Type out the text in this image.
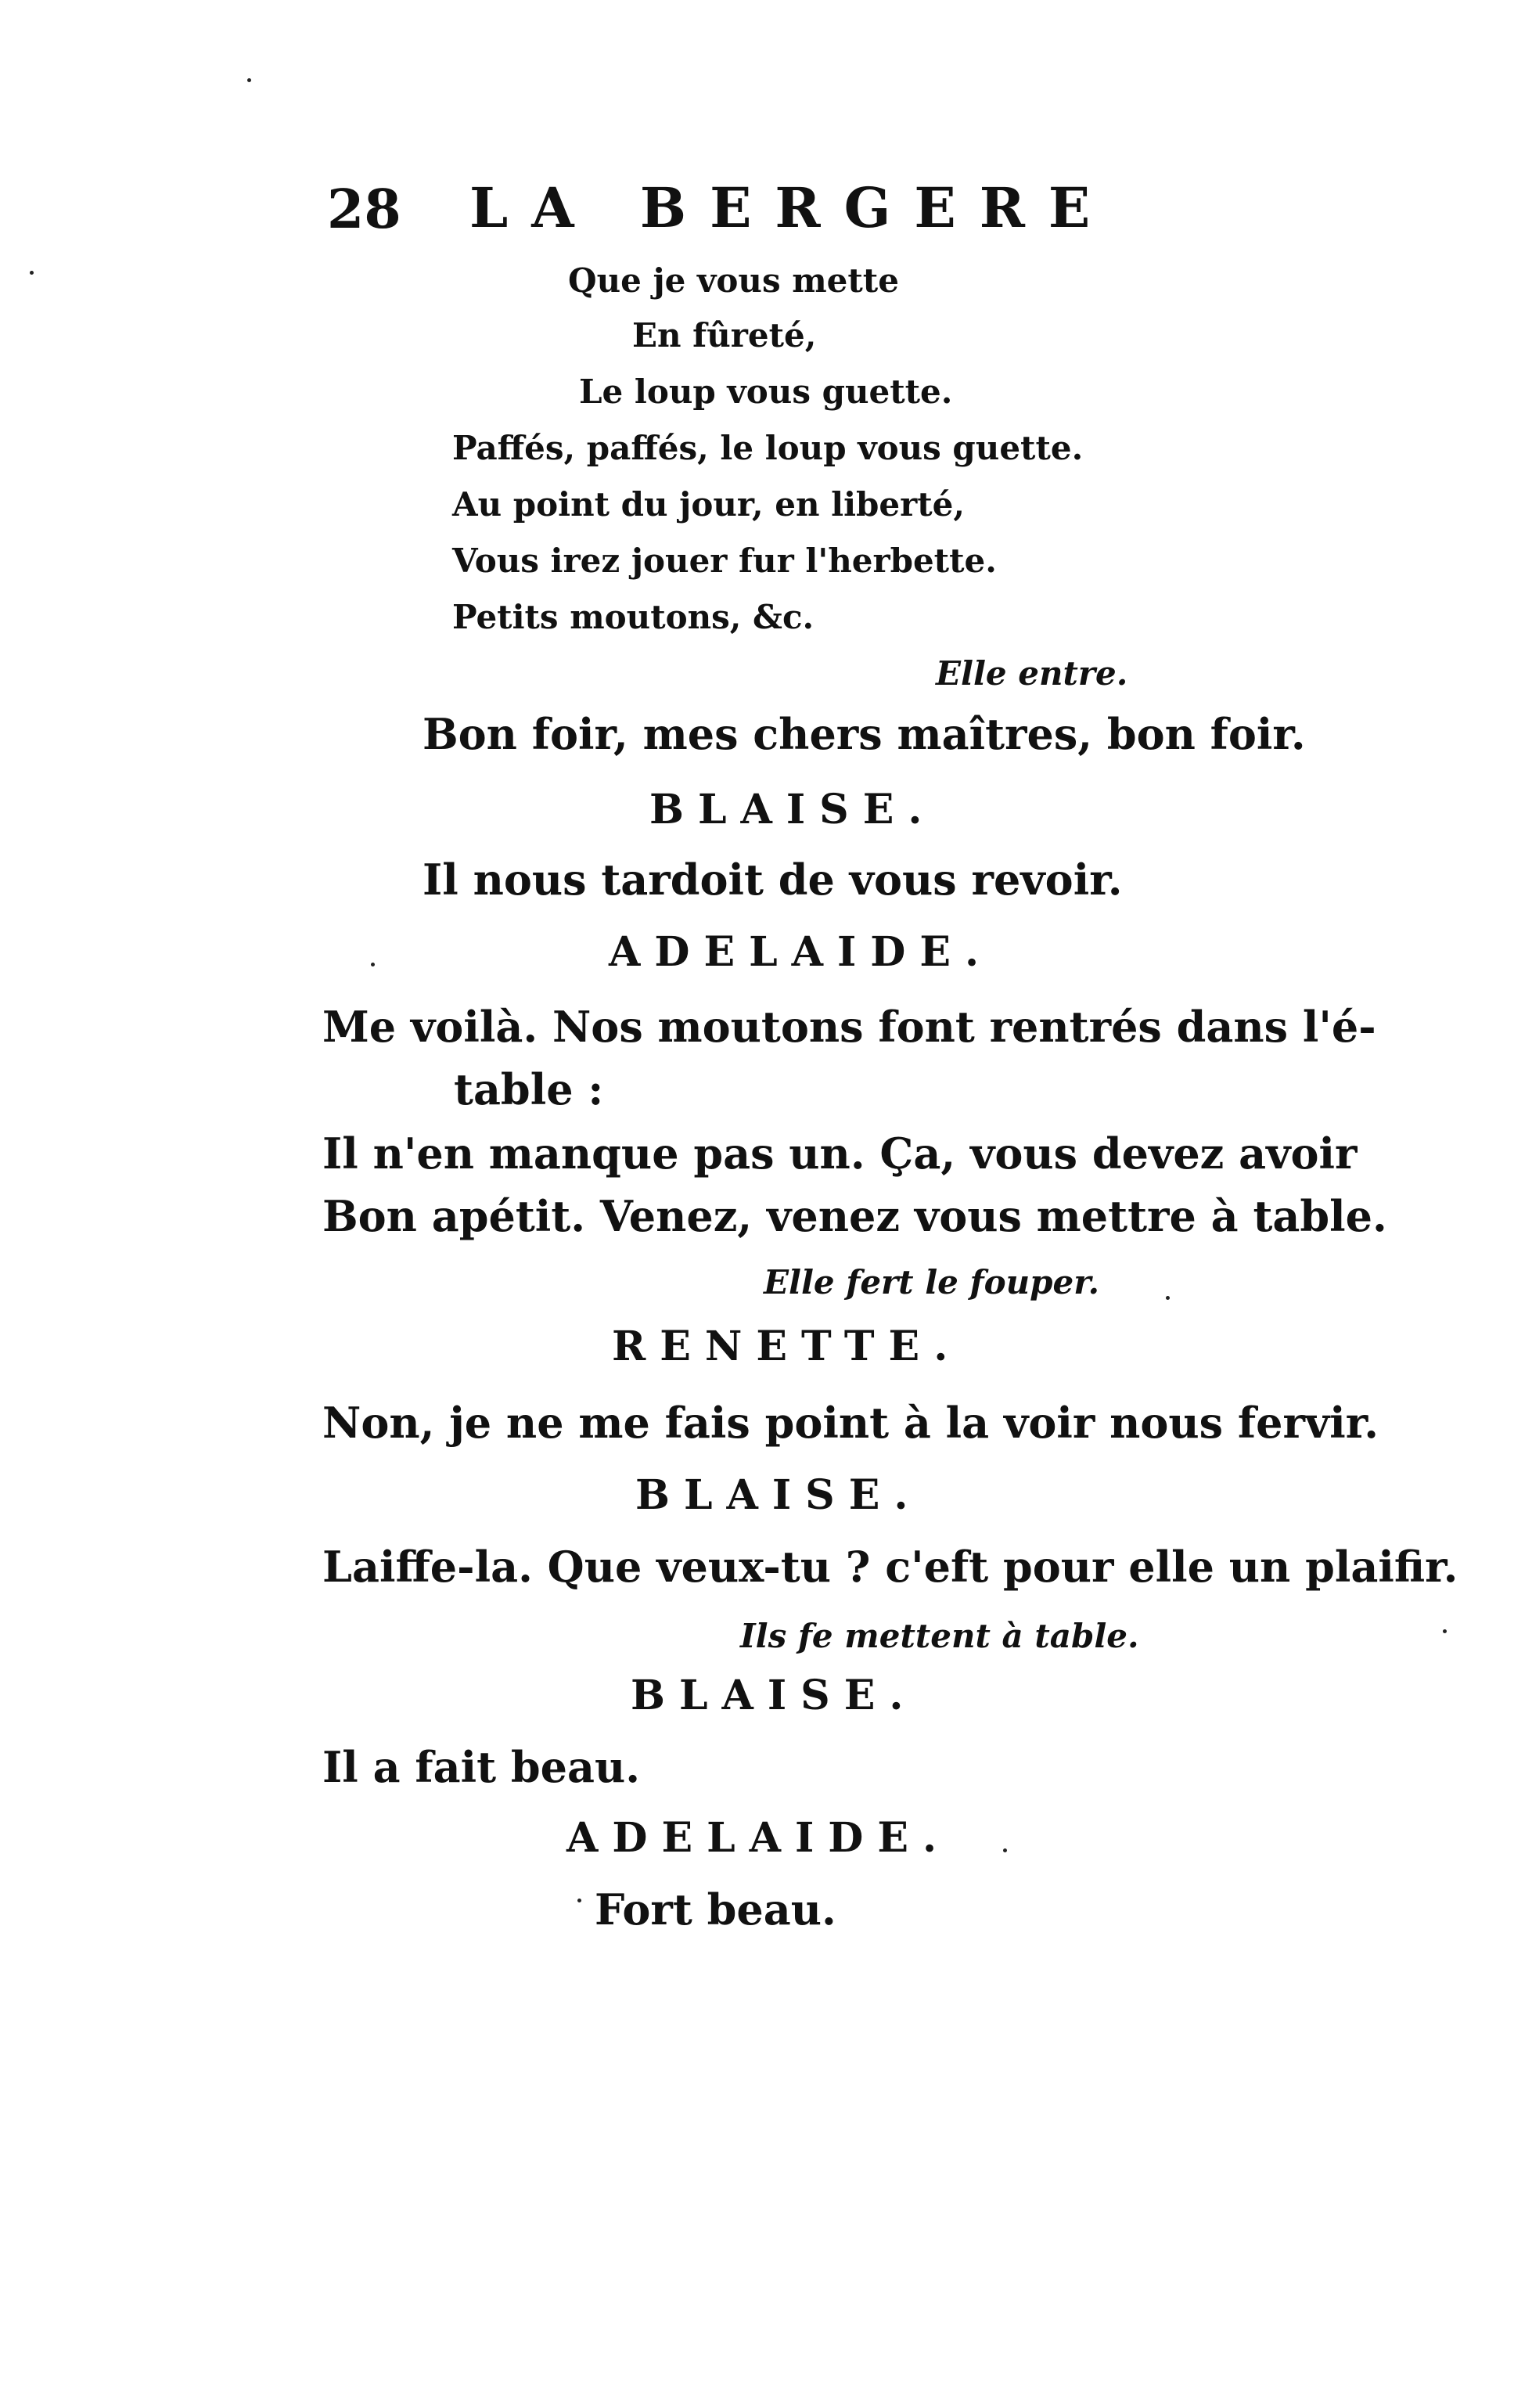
28 LA BERGERE
Que je vous mette
En fûreté,
Le loup vous guette.
Paffés, paffés, le loup vous guette.
Au point du jour, en liberté,
Vous irez jouer fur l'herbette.
Petits moutons, &c.
Elle entre.
Bon foir, mes chers maîtres, bon foir.
BLAISE.
Il nous tardoit de vous revoir.
ADELAIDE.
Me voilà. Nos moutons font rentrés dans l'é-
table :
Il n'en manque pas un. Ça, vous devez avoir
Bon apétit. Venez, venez vous mettre à table.
Elle fert le fouper.
RENETTE.
Non, je ne me fais point à la voir nous fervir.
BLAISE.
Laiffe-la. Que veux-tu ? c'eft pour elle un plaifir.
Ils fe mettent à table.
BLAISE.
Il a fait beau.
ADELAIDE.
Fort beau.
